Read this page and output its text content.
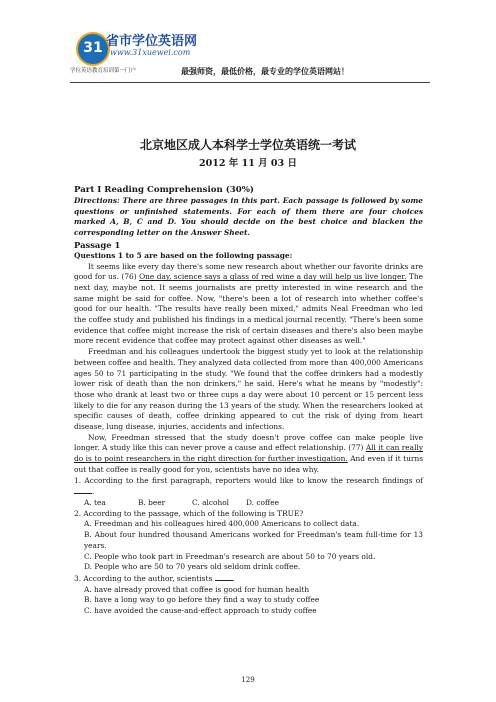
31 省市学位英语网
www.31xuewei.com
学位英语教育培训第一门户	最强师资，最低价格，最专业的学位英语网站！
北京地区成人本科学士学位英语统一考试
2012 年 11 月 03 日

Part I Reading Comprehension (30%)

Directions: There are three passages in this part. Each passage is followed by some questions or unfinished statements. For each of them there are four choices marked A, B, C and D. You should decide on the best choice and blacken the corresponding letter on the Answer Sheet.

Passage 1

Questions 1 to 5 are based on the following passage:

It seems like every day there's some new research about whether our favorite drinks are good for us. (76) One day, science says a glass of red wine a day will help us live longer. The next day, maybe not. It seems journalists are pretty interested in wine research and the same might be said for coffee. Now, "there's been a lot of research into whether coffee's good for our health. "The results have really been mixed," admits Neal Freedman who led the coffee study and published his findings in a medical journal recently. "There's been some evidence that coffee might increase the risk of certain diseases and there's also been maybe more recent evidence that coffee may protect against other diseases as well."

Freedman and his colleagues undertook the biggest study yet to look at the relationship between coffee and health. They analyzed data collected from more than 400,000 Americans ages 50 to 71 participating in the study. "We found that the coffee drinkers had a modestly lower risk of death than the non drinkers," he said. Here's what he means by "modestly": those who drank at least two or three cups a day were about 10 percent or 15 percent less likely to die for any reason during the 13 years of the study. When the researchers looked at specific causes of death, coffee drinking appeared to cut the risk of dying from heart disease, lung disease, injuries, accidents and infections.

Now, Freedman stressed that the study doesn't prove coffee can make people live longer. A study like this can never prove a cause and effect relationship. (77) All it can really do is to point researchers in the right direction for further investigation. And even if it turns out that coffee is really good for you, scientists have no idea why.

1. According to the first paragraph, reporters would like to know the research findings of .

A. tea	B. beer	C. alcohol	D. coffee

2. According to the passage, which of the following is TRUE?

A. Freedman and his colleagues hired 400,000 Americans to collect data.

B. About four hundred thousand Americans worked for Freedman's team full-time for 13 years.

C. People who took part in Freedman's research are about 50 to 70 years old.

D. People who are 50 to 70 years old seldom drink coffee.

3. According to the author, scientists	.

A. have already proved that coffee is good for human health

B. have a long way to go before they find a way to study coffee

C. have avoided the cause-and-effect approach to study coffee

129
